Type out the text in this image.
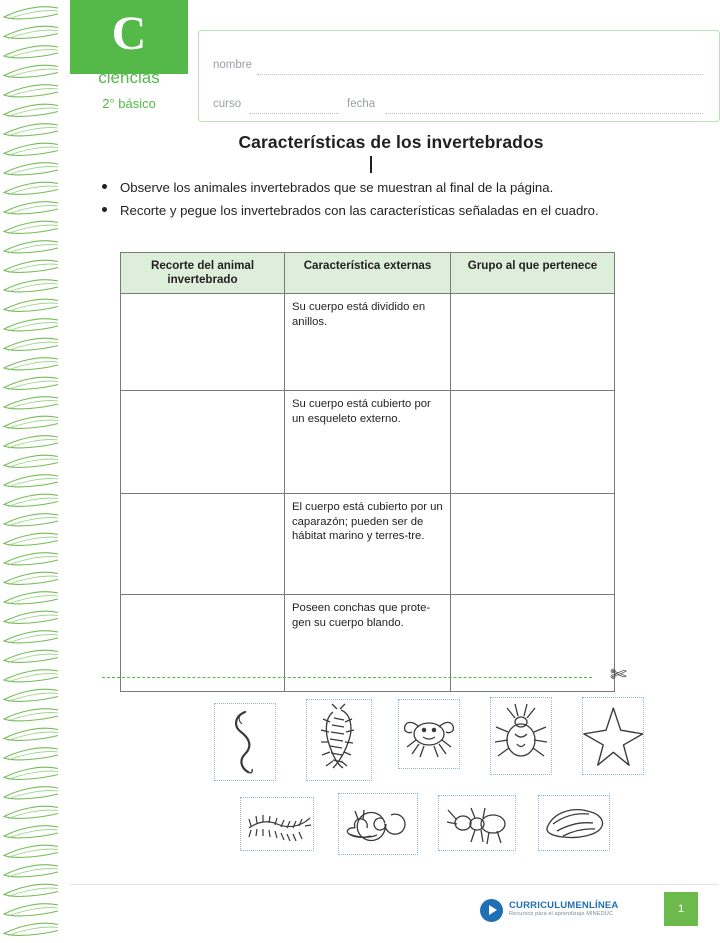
C
ciencias
2° básico
nombre
curso	fecha
Características de los invertebrados
Observe los animales invertebrados que se muestran al final de la página.
Recorte y pegue los invertebrados con las características señaladas en el cuadro.
Recorte del animal invertebrado	Característica externas	Grupo al que pertenece
	Su cuerpo está dividido en anillos.	
	Su cuerpo está cubierto por un esqueleto externo.	
	El cuerpo está cubierto por un caparazón; pueden ser de hábitat marino y terres-tre.	
	Poseen conchas que prote-gen su cuerpo blando.	
✄
CURRICULUMENLÍNEA
Recursos para el aprendizaje MINEDUC	1
